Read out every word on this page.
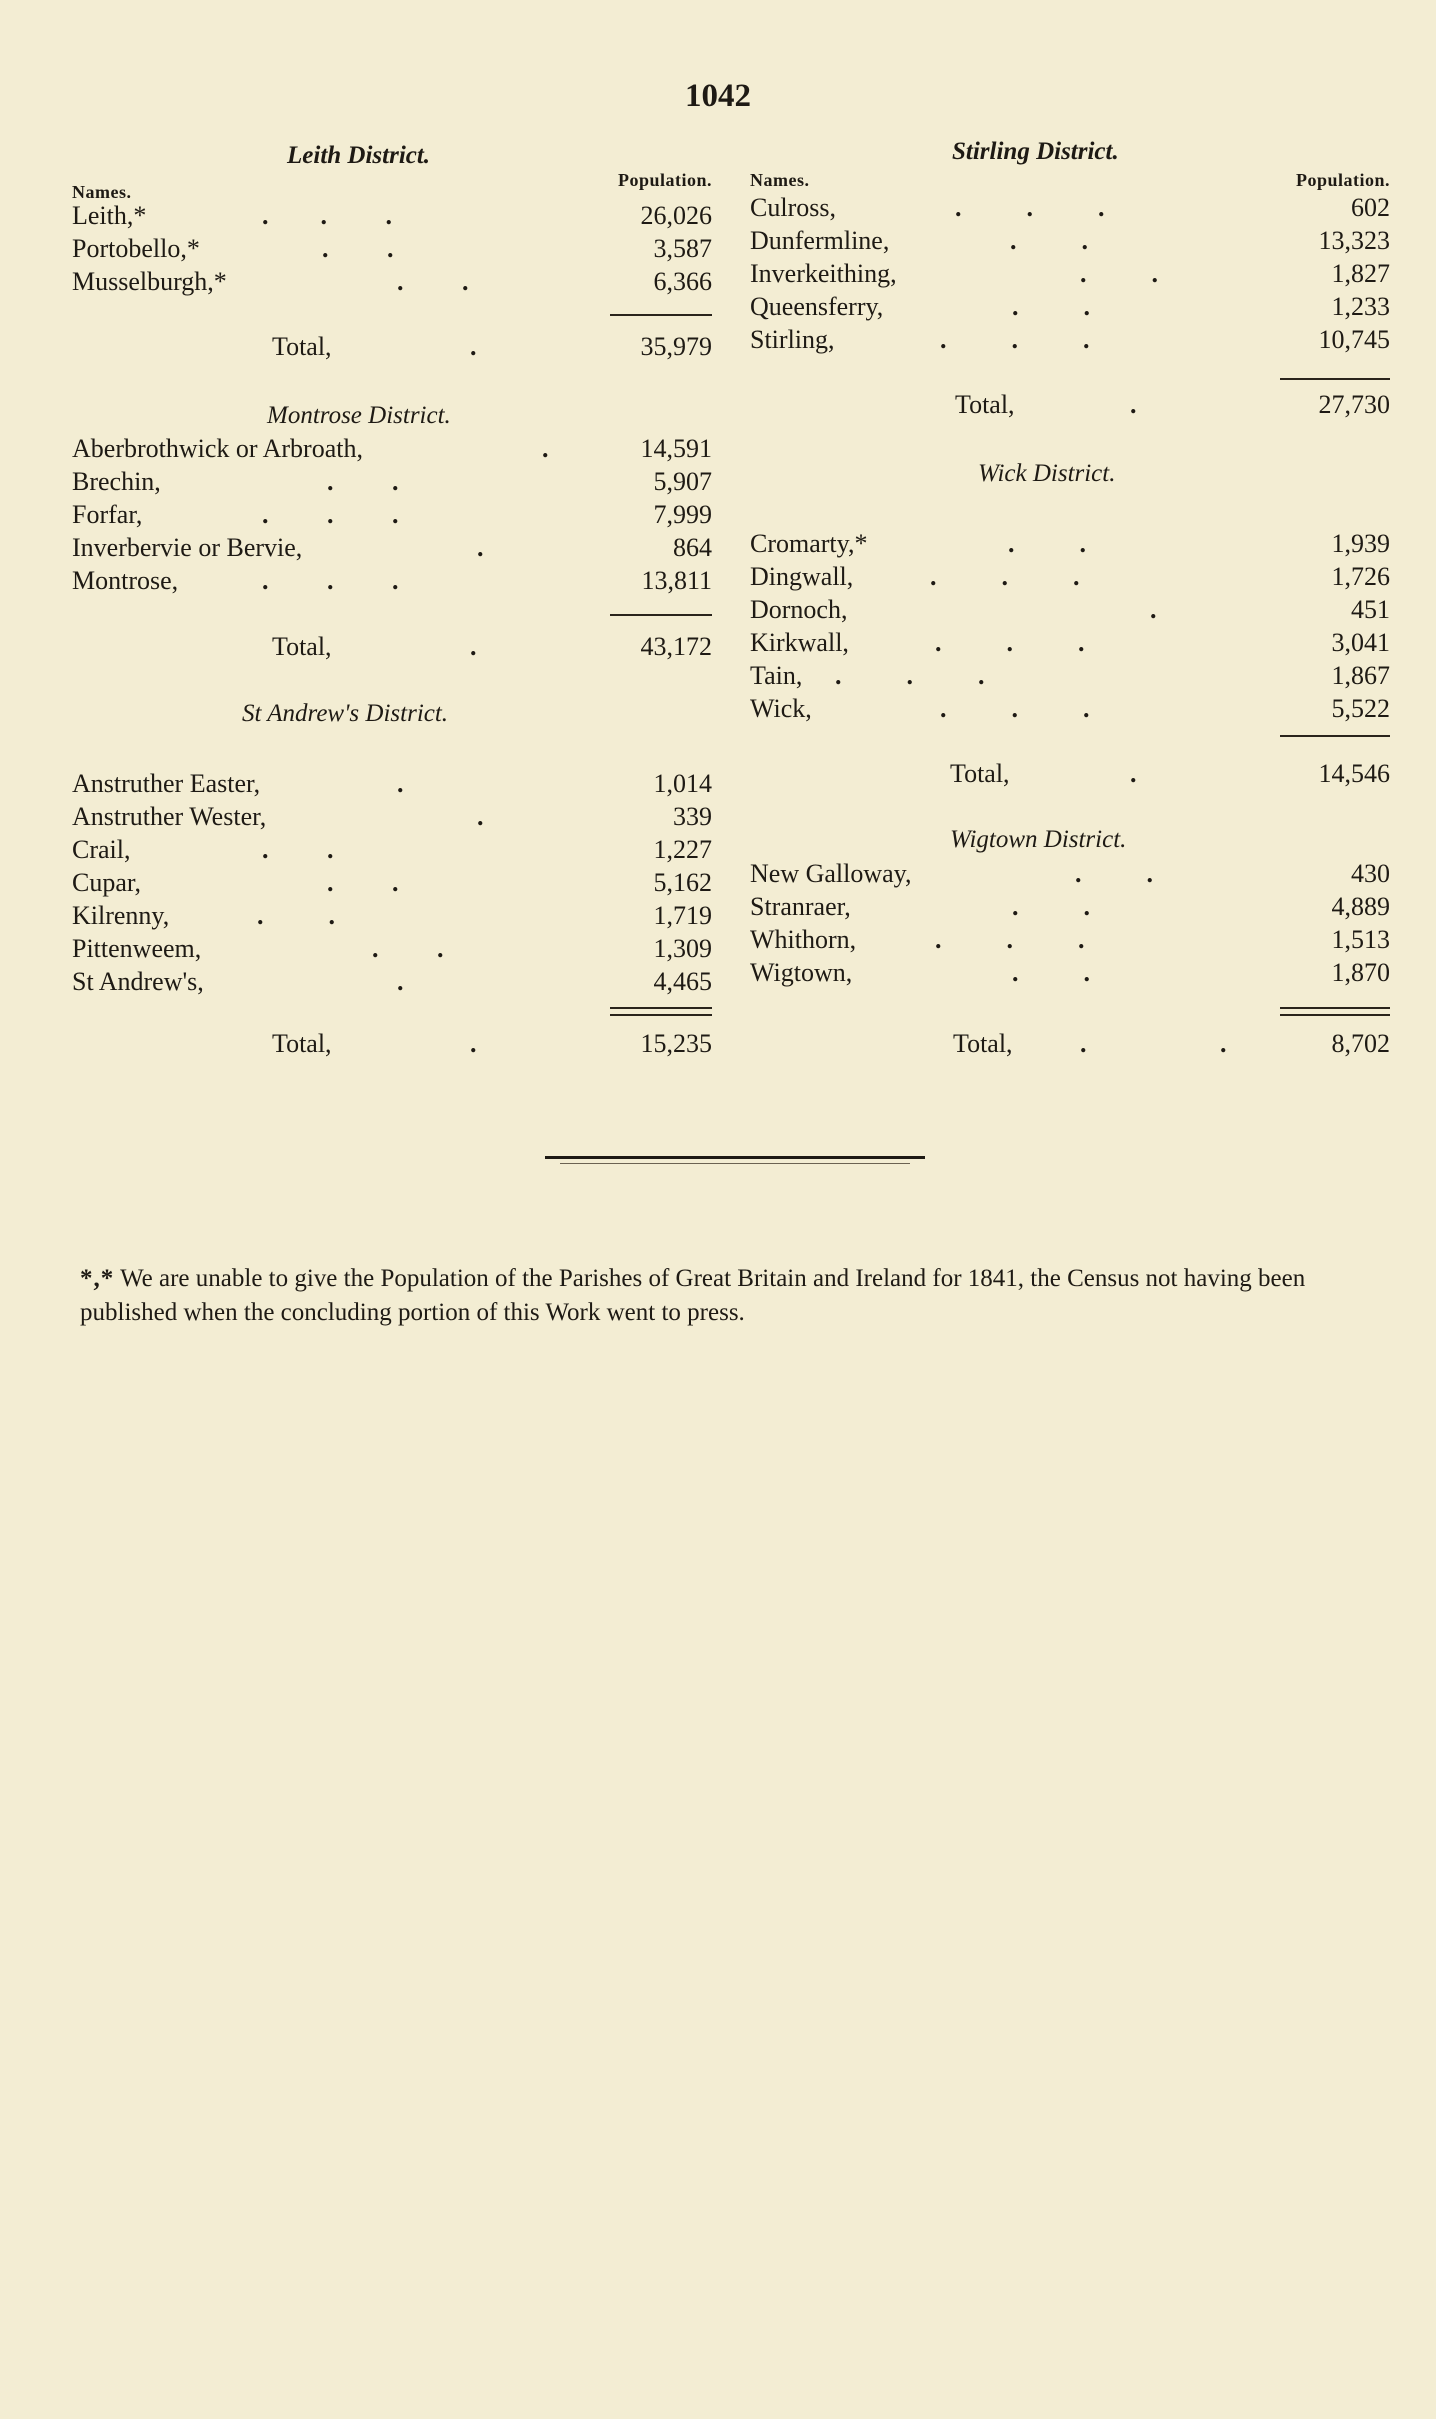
1042
Leith District.
Names.
Population.
Leith,*	.        .         .	26,026
Portobello,*	.         .	3,587
Musselburgh,*	.         .	6,366
Total,	.	35,979
Montrose District.
Aberbrothwick or Arbroath,	.	14,591
Brechin,	.         .	5,907
Forfar,	.         .         .	7,999
Inverbervie or Bervie,	.	864
Montrose,	.         .         .	13,811
Total,	.	43,172
St Andrew's District.
Anstruther Easter,	.	1,014
Anstruther Wester,	.	339
Crail,	.         .	1,227
Cupar,	.         .	5,162
Kilrenny,	.          .	1,719
Pittenweem,	.         .	1,309
St Andrew's,	.	4,465
Total,	.	15,235
Stirling District.
Names.	Population.
Culross,	.          .          .	602
Dunfermline,	.          .	13,323
Inverkeithing,	.          .	1,827
Queensferry,	.          .	1,233
Stirling,	.          .          .	10,745
Total,	.	27,730
Wick District.
Cromarty,*	.          .	1,939
Dingwall,	.          .          .	1,726
Dornoch,	.	451
Kirkwall,	.          .          .	3,041
Tain, .          .          .	1,867
Wick,	.          .          .	5,522
Total,	.	14,546
Wigtown District.
New Galloway,	.          .	430
Stranraer,	.          .	4,889
Whithorn,	.          .          .	1,513
Wigtown,	.          .	1,870
Total,	.	.	8,702
*,* We are unable to give the Population of the Parishes of Great Britain and Ireland for 1841, the Census not having been published when the concluding portion of this Work went to press.
